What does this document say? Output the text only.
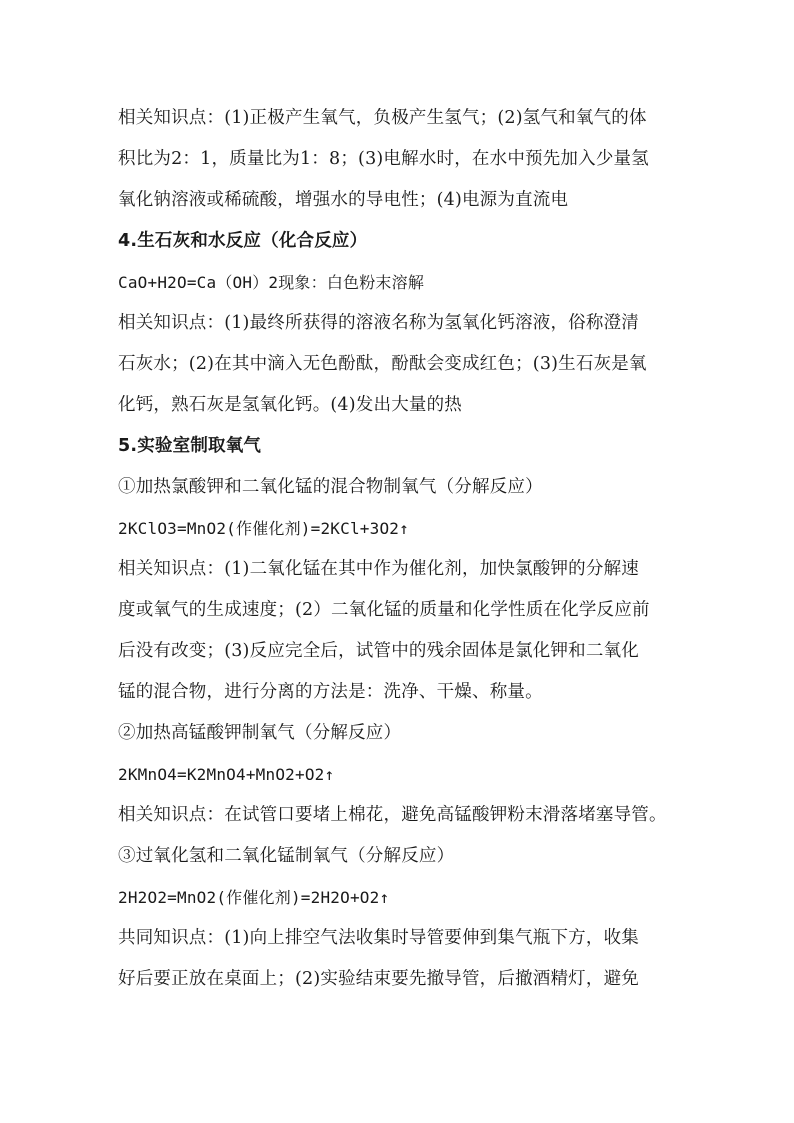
相关知识点：(1)正极产生氧气，负极产生氢气；(2)氢气和氧气的体
积比为2：1，质量比为1：8；(3)电解水时，在水中预先加入少量氢
氧化钠溶液或稀硫酸，增强水的导电性；(4)电源为直流电
4.生石灰和水反应（化合反应）
CaO+H2O=Ca（OH）2现象：白色粉末溶解
相关知识点：(1)最终所获得的溶液名称为氢氧化钙溶液，俗称澄清
石灰水；(2)在其中滴入无色酚酞，酚酞会变成红色；(3)生石灰是氧
化钙，熟石灰是氢氧化钙。(4)发出大量的热
5.实验室制取氧气
①加热氯酸钾和二氧化锰的混合物制氧气（分解反应）
2KClO3=MnO2(作催化剂)=2KCl+3O2↑
相关知识点：(1)二氧化锰在其中作为催化剂，加快氯酸钾的分解速
度或氧气的生成速度；(2）二氧化锰的质量和化学性质在化学反应前
后没有改变；(3)反应完全后，试管中的残余固体是氯化钾和二氧化
锰的混合物，进行分离的方法是：洗净、干燥、称量。
②加热高锰酸钾制氧气（分解反应）
2KMnO4=K2MnO4+MnO2+O2↑
相关知识点：在试管口要堵上棉花，避免高锰酸钾粉末滑落堵塞导管。
③过氧化氢和二氧化锰制氧气（分解反应）
2H2O2=MnO2(作催化剂)=2H2O+O2↑
共同知识点：(1)向上排空气法收集时导管要伸到集气瓶下方，收集
好后要正放在桌面上；(2)实验结束要先撤导管，后撤酒精灯，避免
